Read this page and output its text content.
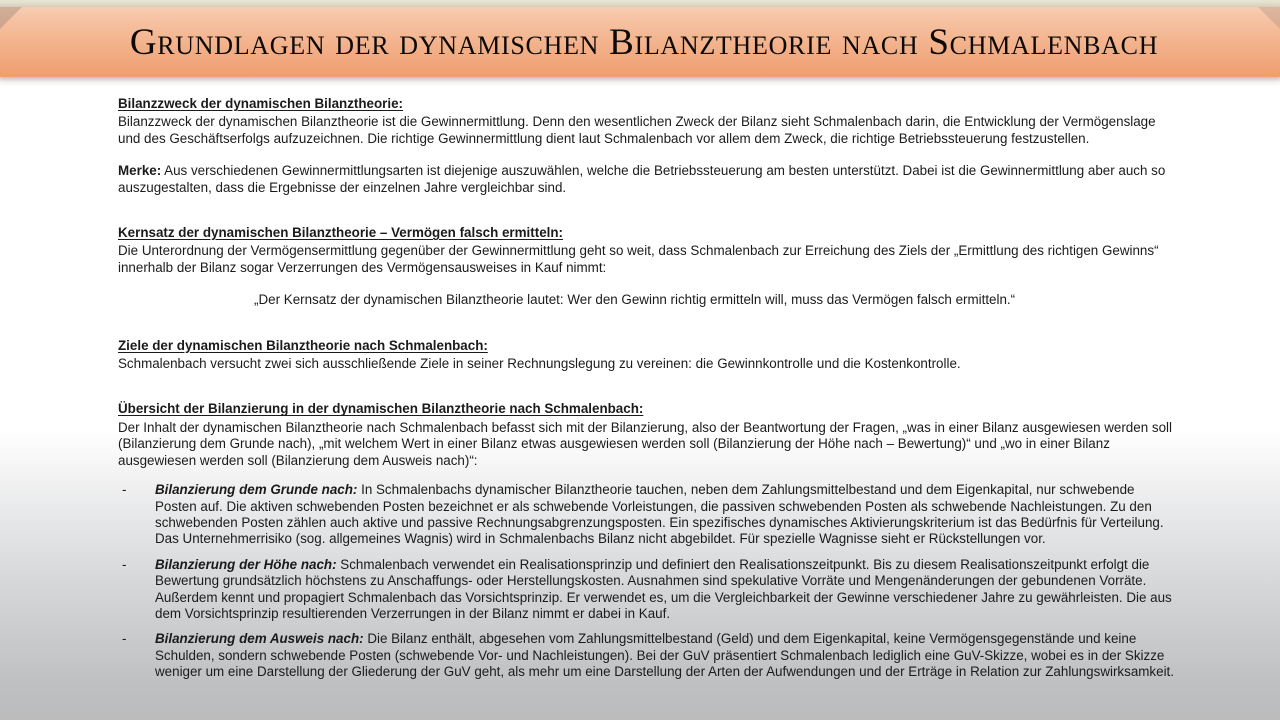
Grundlagen der dynamischen Bilanztheorie nach Schmalenbach

Bilanzzweck der dynamischen Bilanztheorie:

Bilanzzweck der dynamischen Bilanztheorie ist die Gewinnermittlung. Denn den wesentlichen Zweck der Bilanz sieht Schmalenbach darin, die Entwicklung der Vermögenslage und des Geschäftserfolgs aufzuzeichnen. Die richtige Gewinnermittlung dient laut Schmalenbach vor allem dem Zweck, die richtige Betriebssteuerung festzustellen.

Merke: Aus verschiedenen Gewinnermittlungsarten ist diejenige auszuwählen, welche die Betriebssteuerung am besten unterstützt. Dabei ist die Gewinnermittlung aber auch so auszugestalten, dass die Ergebnisse der einzelnen Jahre vergleichbar sind.

Kernsatz der dynamischen Bilanztheorie – Vermögen falsch ermitteln:

Die Unterordnung der Vermögensermittlung gegenüber der Gewinnermittlung geht so weit, dass Schmalenbach zur Erreichung des Ziels der „Ermittlung des richtigen Gewinns“ innerhalb der Bilanz sogar Verzerrungen des Vermögensausweises in Kauf nimmt:

„Der Kernsatz der dynamischen Bilanztheorie lautet: Wer den Gewinn richtig ermitteln will, muss das Vermögen falsch ermitteln.“

Ziele der dynamischen Bilanztheorie nach Schmalenbach:

Schmalenbach versucht zwei sich ausschließende Ziele in seiner Rechnungslegung zu vereinen: die Gewinnkontrolle und die Kostenkontrolle.

Übersicht der Bilanzierung in der dynamischen Bilanztheorie nach Schmalenbach:

Der Inhalt der dynamischen Bilanztheorie nach Schmalenbach befasst sich mit der Bilanzierung, also der Beantwortung der Fragen, „was in einer Bilanz ausgewiesen werden soll (Bilanzierung dem Grunde nach), „mit welchem Wert in einer Bilanz etwas ausgewiesen werden soll (Bilanzierung der Höhe nach – Bewertung)“ und „wo in einer Bilanz ausgewiesen werden soll (Bilanzierung dem Ausweis nach)“:

- Bilanzierung dem Grunde nach: In Schmalenbachs dynamischer Bilanztheorie tauchen, neben dem Zahlungsmittelbestand und dem Eigenkapital, nur schwebende Posten auf. Die aktiven schwebenden Posten bezeichnet er als schwebende Vorleistungen, die passiven schwebenden Posten als schwebende Nachleistungen. Zu den schwebenden Posten zählen auch aktive und passive Rechnungsabgrenzungsposten. Ein spezifisches dynamisches Aktivierungskriterium ist das Bedürfnis für Verteilung. Das Unternehmerrisiko (sog. allgemeines Wagnis) wird in Schmalenbachs Bilanz nicht abgebildet. Für spezielle Wagnisse sieht er Rückstellungen vor.
- Bilanzierung der Höhe nach: Schmalenbach verwendet ein Realisationsprinzip und definiert den Realisationszeitpunkt. Bis zu diesem Realisationszeitpunkt erfolgt die Bewertung grundsätzlich höchstens zu Anschaffungs- oder Herstellungskosten. Ausnahmen sind spekulative Vorräte und Mengenänderungen der gebundenen Vorräte. Außerdem kennt und propagiert Schmalenbach das Vorsichtsprinzip. Er verwendet es, um die Vergleichbarkeit der Gewinne verschiedener Jahre zu gewährleisten. Die aus dem Vorsichtsprinzip resultierenden Verzerrungen in der Bilanz nimmt er dabei in Kauf.
- Bilanzierung dem Ausweis nach: Die Bilanz enthält, abgesehen vom Zahlungsmittelbestand (Geld) und dem Eigenkapital, keine Vermögensgegenstände und keine Schulden, sondern schwebende Posten (schwebende Vor- und Nachleistungen). Bei der GuV präsentiert Schmalenbach lediglich eine GuV-Skizze, wobei es in der Skizze weniger um eine Darstellung der Gliederung der GuV geht, als mehr um eine Darstellung der Arten der Aufwendungen und der Erträge in Relation zur Zahlungswirksamkeit.
